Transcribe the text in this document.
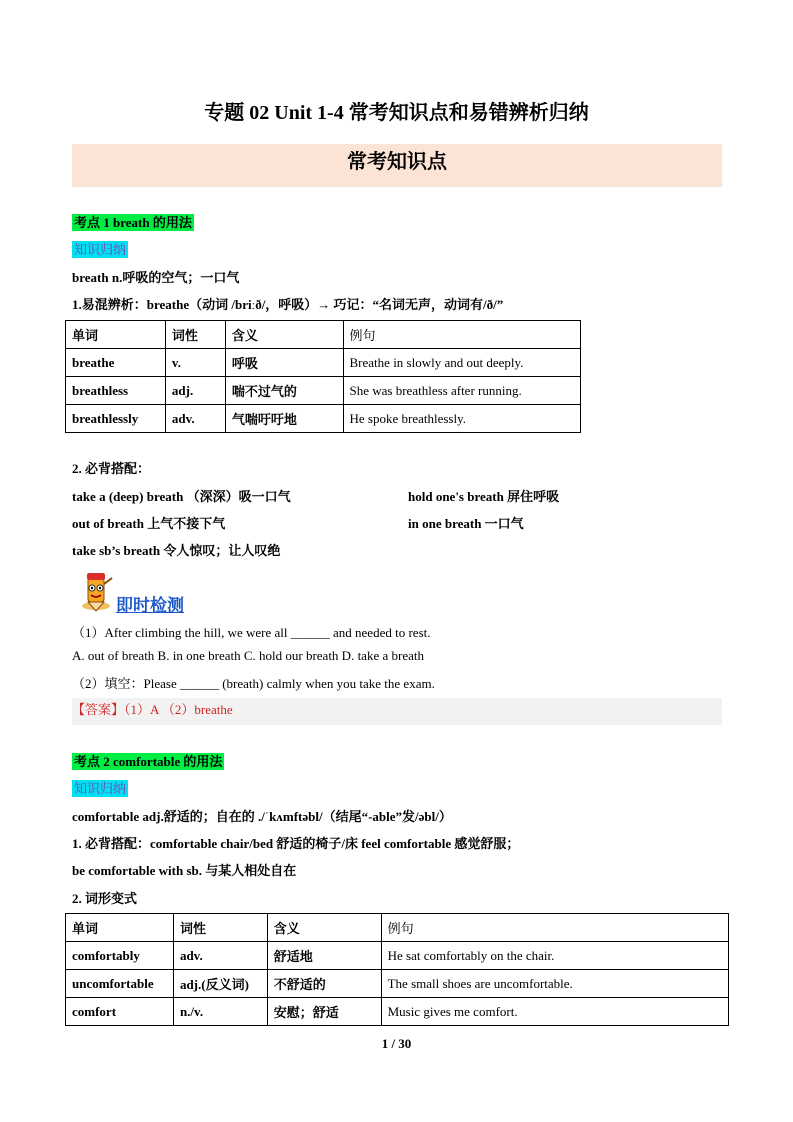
专题 02 Unit 1-4 常考知识点和易错辨析归纳
常考知识点
考点 1 breath 的用法
知识归纳
breath n.呼吸的空气；一口气
1.易混辨析：breathe（动词 /briːð/，呼吸）→ 巧记：“名词无声，动词有/ð/”
单词	词性	含义	例句
breathe	v.	呼吸	Breathe in slowly and out deeply.
breathless	adj.	喘不过气的	She was breathless after running.
breathlessly	adv.	气喘吁吁地	He spoke breathlessly.
2. 必背搭配：
take a (deep) breath （深深）吸一口气	hold one's breath 屏住呼吸
out of breath 上气不接下气	in one breath 一口气
take sb’s breath 令人惊叹；让人叹绝
即时检测
（1）After climbing the hill, we were all ______ and needed to rest.
A. out of breath B. in one breath C. hold our breath D. take a breath
（2）填空：Please ______ (breath) calmly when you take the exam.
【答案】（1）A （2）breathe
考点 2 comfortable 的用法
知识归纳
comfortable adj.舒适的；自在的 ./ˈkʌmftəbl/（结尾“-able”发/əbl/）
1. 必背搭配：comfortable chair/bed 舒适的椅子/床 feel comfortable 感觉舒服；
be comfortable with sb. 与某人相处自在
2. 词形变式
单词	词性	含义	例句
comfortably	adv.	舒适地	He sat comfortably on the chair.
uncomfortable	adj.(反义词)	不舒适的	The small shoes are uncomfortable.
comfort	n./v.	安慰；舒适	Music gives me comfort.
1 / 30
